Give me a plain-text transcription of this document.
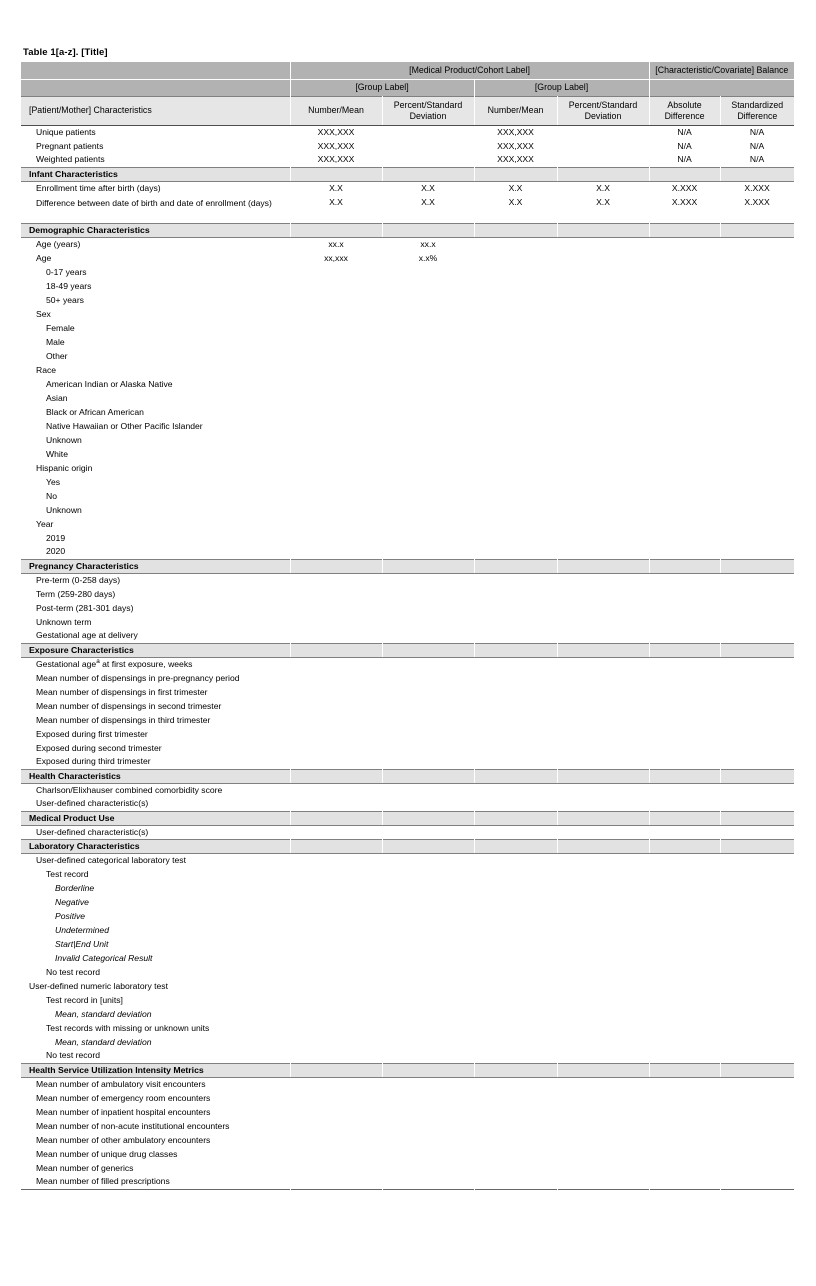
Table 1[a-z]. [Title]
	[Medical Product/Cohort Label]				[Characteristic/Covariate] Balance	
	[Group Label]		[Group Label]			
[Patient/Mother] Characteristics	Number/Mean	Percent/Standard Deviation	Number/Mean	Percent/Standard Deviation	Absolute Difference	Standardized Difference
Unique patients	XXX,XXX		XXX,XXX		N/A	N/A
Pregnant patients	XXX,XXX		XXX,XXX		N/A	N/A
Weighted patients	XXX,XXX		XXX,XXX		N/A	N/A
Infant Characteristics						
Enrollment time after birth (days)	X.X	X.X	X.X	X.X	X.XXX	X.XXX
Difference between date of birth and date of enrollment (days)	X.X	X.X	X.X	X.X	X.XXX	X.XXX
Demographic Characteristics						
Age (years)	xx.x	xx.x				
Age	xx,xxx	x.x%				
0-17 years						
18-49 years						
50+ years						
Sex						
Female						
Male						
Other						
Race						
American Indian or Alaska Native						
Asian						
Black or African American						
Native Hawaiian or Other Pacific Islander						
Unknown						
White						
Hispanic origin						
Yes						
No						
Unknown						
Year						
2019						
2020						
Pregnancy Characteristics						
Pre-term (0-258 days)						
Term (259-280 days)						
Post-term (281-301 days)						
Unknown term						
Gestational age at delivery						
Exposure Characteristics						
Gestational age$^a$ at first exposure, weeks						
Mean number of dispensings in pre-pregnancy period						
Mean number of dispensings in first trimester						
Mean number of dispensings in second trimester						
Mean number of dispensings in third trimester						
Exposed during first trimester						
Exposed during second trimester						
Exposed during third trimester						
Health Characteristics						
Charlson/Elixhauser combined comorbidity score						
User-defined characteristic(s)						
Medical Product Use						
User-defined characteristic(s)						
Laboratory Characteristics						
User-defined categorical laboratory test						
Test record						
Borderline						
Negative						
Positive						
Undetermined						
Start|End Unit						
Invalid Categorical Result						
No test record						
User-defined numeric laboratory test						
Test record in [units]						
Mean, standard deviation						
Test records with missing or unknown units						
Mean, standard deviation						
No test record						
Health Service Utilization Intensity Metrics						
Mean number of ambulatory visit encounters						
Mean number of emergency room encounters						
Mean number of inpatient hospital encounters						
Mean number of non-acute institutional encounters						
Mean number of other ambulatory encounters						
Mean number of unique drug classes						
Mean number of generics						
Mean number of filled prescriptions						
